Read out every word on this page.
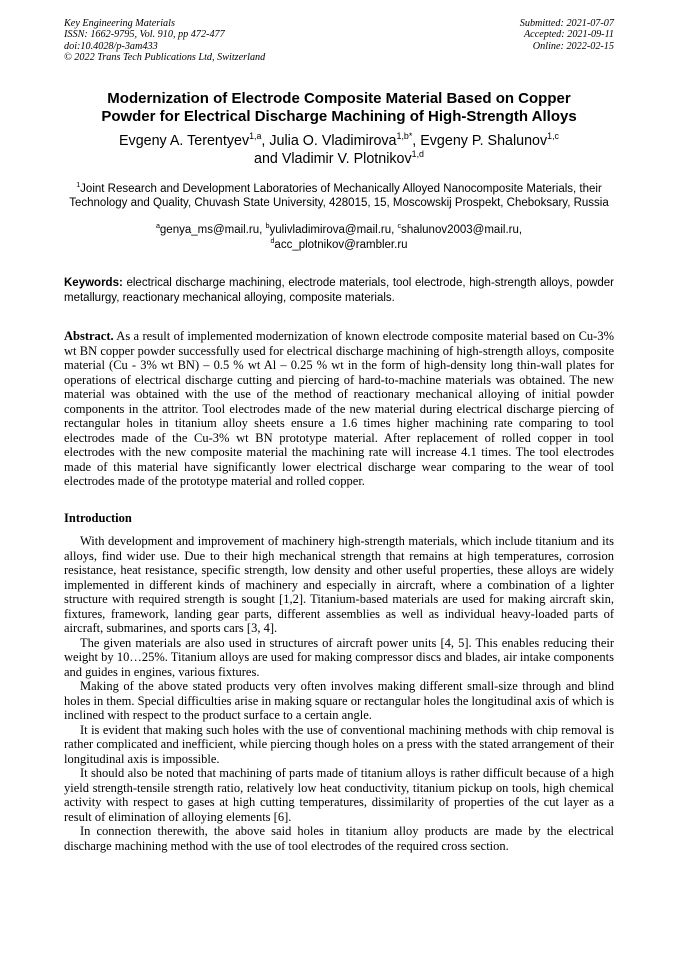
Key Engineering Materials
ISSN: 1662-9795, Vol. 910, pp 472-477
doi:10.4028/p-3am433
© 2022 Trans Tech Publications Ltd, Switzerland
Submitted: 2021-07-07
Accepted: 2021-09-11
Online: 2022-02-15
Modernization of Electrode Composite Material Based on Copper
Powder for Electrical Discharge Machining of High-Strength Alloys
Evgeny A. Terentyev$^{1,a}$, Julia O. Vladimirova$^{1,b*}$, Evgeny P. Shalunov$^{1,c}$
and Vladimir V. Plotnikov$^{1,d}$
$^1$Joint Research and Development Laboratories of Mechanically Alloyed Nanocomposite Materials, their Technology and Quality, Chuvash State University, 428015, 15, Moscowskij Prospekt, Cheboksary, Russia
$^a$genya_ms@mail.ru, $^b$yulivladimirova@mail.ru, $^c$shalunov2003@mail.ru,
$^d$acc_plotnikov@rambler.ru
Keywords: electrical discharge machining, electrode materials, tool electrode, high-strength alloys, powder metallurgy, reactionary mechanical alloying, composite materials.
Abstract. As a result of implemented modernization of known electrode composite material based on Cu-3% wt BN copper powder successfully used for electrical discharge machining of high-strength alloys, composite material (Cu - 3% wt BN) – 0.5 % wt Al – 0.25 % wt in the form of high-density long thin-wall plates for operations of electrical discharge cutting and piercing of hard-to-machine materials was obtained. The new material was obtained with the use of the method of reactionary mechanical alloying of initial powder components in the attritor. Tool electrodes made of the new material during electrical discharge piercing of rectangular holes in titanium alloy sheets ensure a 1.6 times higher machining rate comparing to tool electrodes made of the Cu-3% wt BN prototype material. After replacement of rolled copper in tool electrodes with the new composite material the machining rate will increase 4.1 times. The tool electrodes made of this material have significantly lower electrical discharge wear comparing to the wear of tool electrodes made of the prototype material and rolled copper.
Introduction

With development and improvement of machinery high-strength materials, which include titanium and its alloys, find wider use. Due to their high mechanical strength that remains at high temperatures, corrosion resistance, heat resistance, specific strength, low density and other useful properties, these alloys are widely implemented in different kinds of machinery and especially in aircraft, where a combination of a lighter structure with required strength is sought [1,2]. Titanium-based materials are used for making aircraft skin, fixtures, framework, landing gear parts, different assemblies as well as individual heavy-loaded parts of aircraft, submarines, and sports cars [3, 4].

The given materials are also used in structures of aircraft power units [4, 5]. This enables reducing their weight by 10…25%. Titanium alloys are used for making compressor discs and blades, air intake components and guides in engines, various fixtures.

Making of the above stated products very often involves making different small-size through and blind holes in them. Special difficulties arise in making square or rectangular holes the longitudinal axis of which is inclined with respect to the product surface to a certain angle.

It is evident that making such holes with the use of conventional machining methods with chip removal is rather complicated and inefficient, while piercing though holes on a press with the stated arrangement of their longitudinal axis is impossible.

It should also be noted that machining of parts made of titanium alloys is rather difficult because of a high yield strength-tensile strength ratio, relatively low heat conductivity, titanium pickup on tools, high chemical activity with respect to gases at high cutting temperatures, dissimilarity of properties of the cut layer as a result of elimination of alloying elements [6].

In connection therewith, the above said holes in titanium alloy products are made by the electrical discharge machining method with the use of tool electrodes of the required cross section.
